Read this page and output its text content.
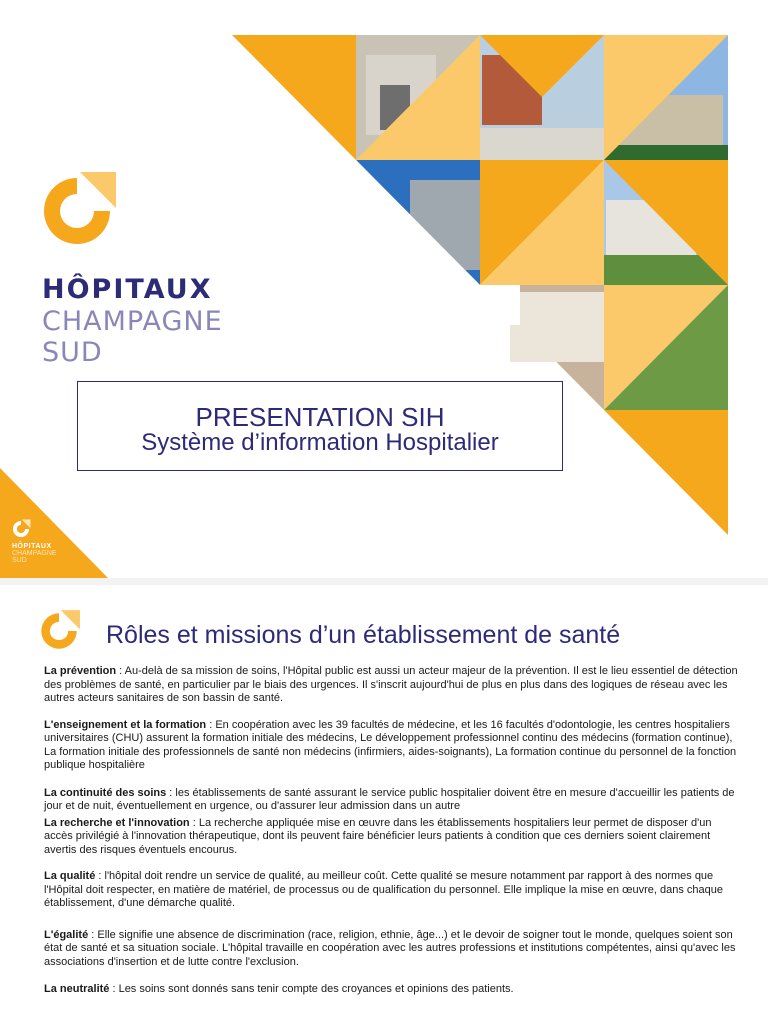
HÔPITAUX
CHAMPAGNE
SUD
PRESENTATION SIH
Système d’information Hospitalier
HÔPITAUX
CHAMPAGNE
SUD
Rôles et missions d’un établissement de santé

La prévention : Au-delà de sa mission de soins, l'Hôpital public est aussi un acteur majeur de la prévention. Il est le lieu essentiel de détection des problèmes de santé, en particulier par le biais des urgences. Il s'inscrit aujourd'hui de plus en plus dans des logiques de réseau avec les autres acteurs sanitaires de son bassin de santé.

L'enseignement et la formation : En coopération avec les 39 facultés de médecine, et les 16 facultés d'odontologie, les centres hospitaliers universitaires (CHU) assurent la formation initiale des médecins, Le développement professionnel continu des médecins (formation continue), La formation initiale des professionnels de santé non médecins (infirmiers, aides-soignants), La formation continue du personnel de la fonction publique hospitalière

La continuité des soins : les établissements de santé assurant le service public hospitalier doivent être en mesure d'accueillir les patients de jour et de nuit, éventuellement en urgence, ou d'assurer leur admission dans un autre

La recherche et l'innovation : La recherche appliquée mise en œuvre dans les établissements hospitaliers leur permet de disposer d'un accès privilégié à l'innovation thérapeutique, dont ils peuvent faire bénéficier leurs patients à condition que ces derniers soient clairement avertis des risques éventuels encourus.

La qualité : l'hôpital doit rendre un service de qualité, au meilleur coût. Cette qualité se mesure notamment par rapport à des normes que l'Hôpital doit respecter, en matière de matériel, de processus ou de qualification du personnel. Elle implique la mise en œuvre, dans chaque établissement, d'une démarche qualité.

L'égalité : Elle signifie une absence de discrimination (race, religion, ethnie, âge...) et le devoir de soigner tout le monde, quelques soient son état de santé et sa situation sociale. L'hôpital travaille en coopération avec les autres professions et institutions compétentes, ainsi qu'avec les associations d'insertion et de lutte contre l'exclusion.

La neutralité : Les soins sont donnés sans tenir compte des croyances et opinions des patients.
